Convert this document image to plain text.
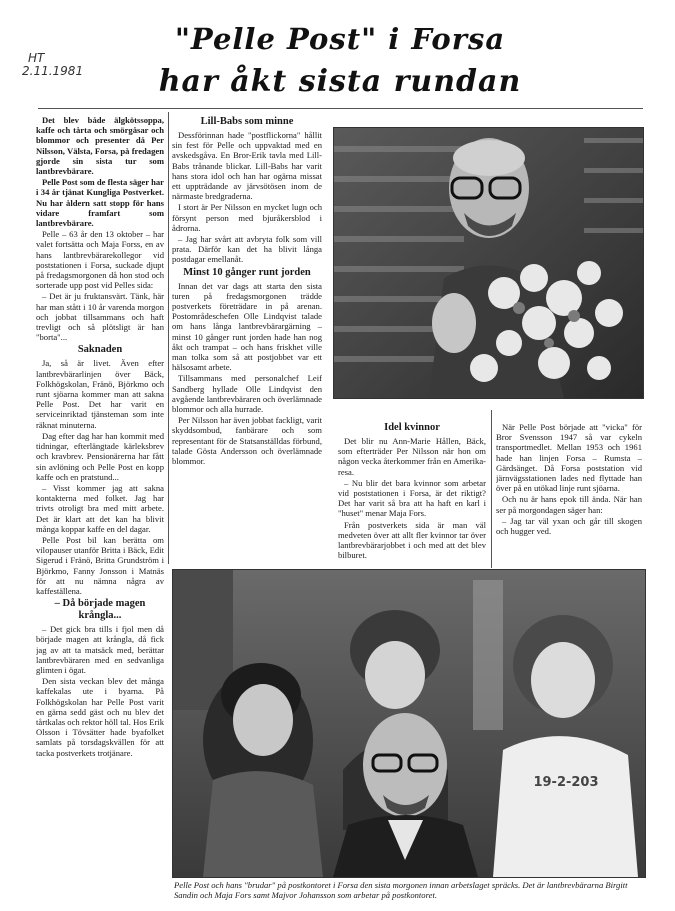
HT
2.11.1981
"Pelle Post" i Forsa
har åkt sista rundan

Det blev både älgkötssoppa, kaffe och tårta och smörgåsar och blommor och presenter då Per Nilsson, Välsta, Forsa, på fredagen gjorde sin sista tur som lantbrevbärare.

Pelle Post som de flesta säger har i 34 år tjänat Kungliga Postverket. Nu har åldern satt stopp för hans vidare framfart som lantbrevbärare.

Pelle – 63 år den 13 oktober – har valet fortsätta och Maja Forss, en av hans lantbrevbärarekollegor vid poststationen i Forsa, suckade djupt på fredagsmorgonen då hon stod och sorterade upp post vid Pelles sida:

– Det är ju fruktansvärt. Tänk, här har man stått i 10 år varenda morgon och jobbat tillsammans och haft trevligt och så plötsligt är han "borta"...

Saknaden

Ja, så är livet. Även efter lantbrevbärarlinjen över Bäck, Folkhögskolan, Fränö, Björkmo och runt sjöarna kommer man att sakna Pelle Post. Det har varit en serviceinriktad tjänsteman som inte räknat minuterna.

Dag efter dag har han kommit med tidningar, efterlängtade kärleksbrev och kravbrev. Pensionärerna har fått sin avlöning och Pelle Post en kopp kaffe och en pratstund...

– Visst kommer jag att sakna kontakterna med folket. Jag har trivts otroligt bra med mitt arbete. Det är klart att det kan ha blivit många koppar kaffe en del dagar.

Pelle Post bil kan berätta om vilopauser utanför Britta i Bäck, Edit Sigerud i Fränö, Britta Grundström i Björkmo, Fanny Jonsson i Matnäs för att nu nämna några av kaffeställena.

– Då började magen krångla...

– Det gick bra tills i fjol men då började magen att krångla, då fick jag av att ta matsäck med, berättar lantbrevbäraren med en sedvanliga glimten i ögat.

Den sista veckan blev det många kaffekalas ute i byarna. På Folkhögskolan har Pelle Post varit en gärna sedd gäst och nu blev det tårtkalas och rektor höll tal. Hos Erik Olsson i Tövsätter hade byafolket samlats på torsdagskvällen för att tacka postverkets trotjänare.

Lill-Babs som minne

Dessförinnan hade "postflickorna" hållit sin fest för Pelle och uppvaktad med en avskedsgåva. En Bror-Erik tavla med Lill-Babs trånande blickar. Lill-Babs har varit hans stora idol och han har ogärna missat ett uppträdande av järvsötösen inom de närmaste bredgraderna.

I stort är Per Nilsson en mycket lugn och försynt person med bjuråkersblod i ådrorna.

– Jag har svårt att avbryta folk som vill prata. Därför kan det ha blivit långa postdagar emellanåt.

Minst 10 gånger runt jorden

Innan det var dags att starta den sista turen på fredagsmorgonen trädde postverkets företrädare in på arenan. Postområdeschefen Olle Lindqvist talade om hans långa lantbrevbärargärning – minst 10 gånger runt jorden hade han nog åkt och trampat – och hans friskhet ville man tolka som så att postjobbet var ett hälsosamt arbete.

Tillsammans med personalchef Leif Sandberg hyllade Olle Lindqvist den avgående lantbrevbäraren och överlämnade blommor och alla hurrade.

Per Nilsson har även jobbat fackligt, varit skyddsombud, fanbärare och som representant för de Statsanställdas förbund, talade Gösta Andersson och överlämnade blommor.

Idel kvinnor

Det blir nu Ann-Marie Hållen, Bäck, som efterträder Per Nilsson när hon om någon vecka återkommer från en Amerika-resa.

– Nu blir det bara kvinnor som arbetar vid poststationen i Forsa, är det riktigt? Det har varit så bra att ha haft en karl i "huset" menar Maja Fors.

Från postverkets sida är man väl medveten över att allt fler kvinnor tar över lantbrevbärarjobbet i och med att det blev bilburet.

När Pelle Post började att "vicka" för Bror Svensson 1947 så var cykeln transportmedlet. Mellan 1953 och 1961 hade han linjen Forsa – Rumsta – Gärdsänget. Då Forsa poststation vid järnvägsstationen lades ned flyttade han över på en utökad linje runt sjöarna.

Och nu är hans epok till ända. När han ser på morgondagen säger han:

– Jag tar väl yxan och går till skogen och hugger ved.

19-2-203
Pelle Post och hans "brudar" på postkontoret i Forsa den sista morgonen innan arbetslaget spräcks. Det är lantbrevbärarna Birgitt Sandin och Maja Fors samt Majvor Johansson som arbetar på postkontoret.
